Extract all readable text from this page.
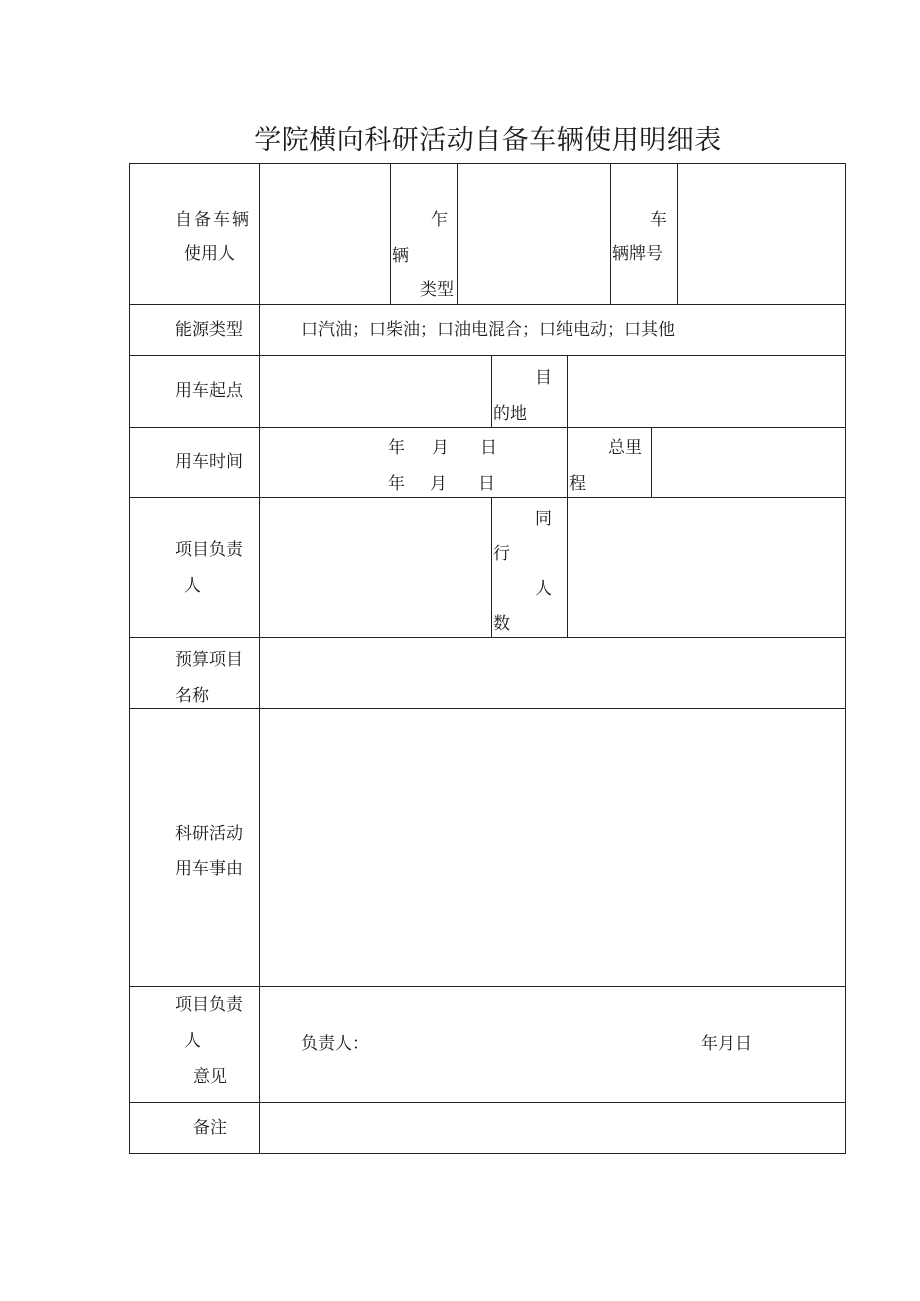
学院横向科研活动自备车辆使用明细表
自备车辆
使用人
乍
辆
类型
车
辆牌号
能源类型	口汽油；口柴油；口油电混合；口纯电动；口其他
用车起点
目
的地
用车时间
年 月 日
年 月 日
总里
程
项目负责
人
同
行
人
数
预算项目
名称
科研活动
用车事由
项目负责
人
意见
负责人：	年月日
备注
